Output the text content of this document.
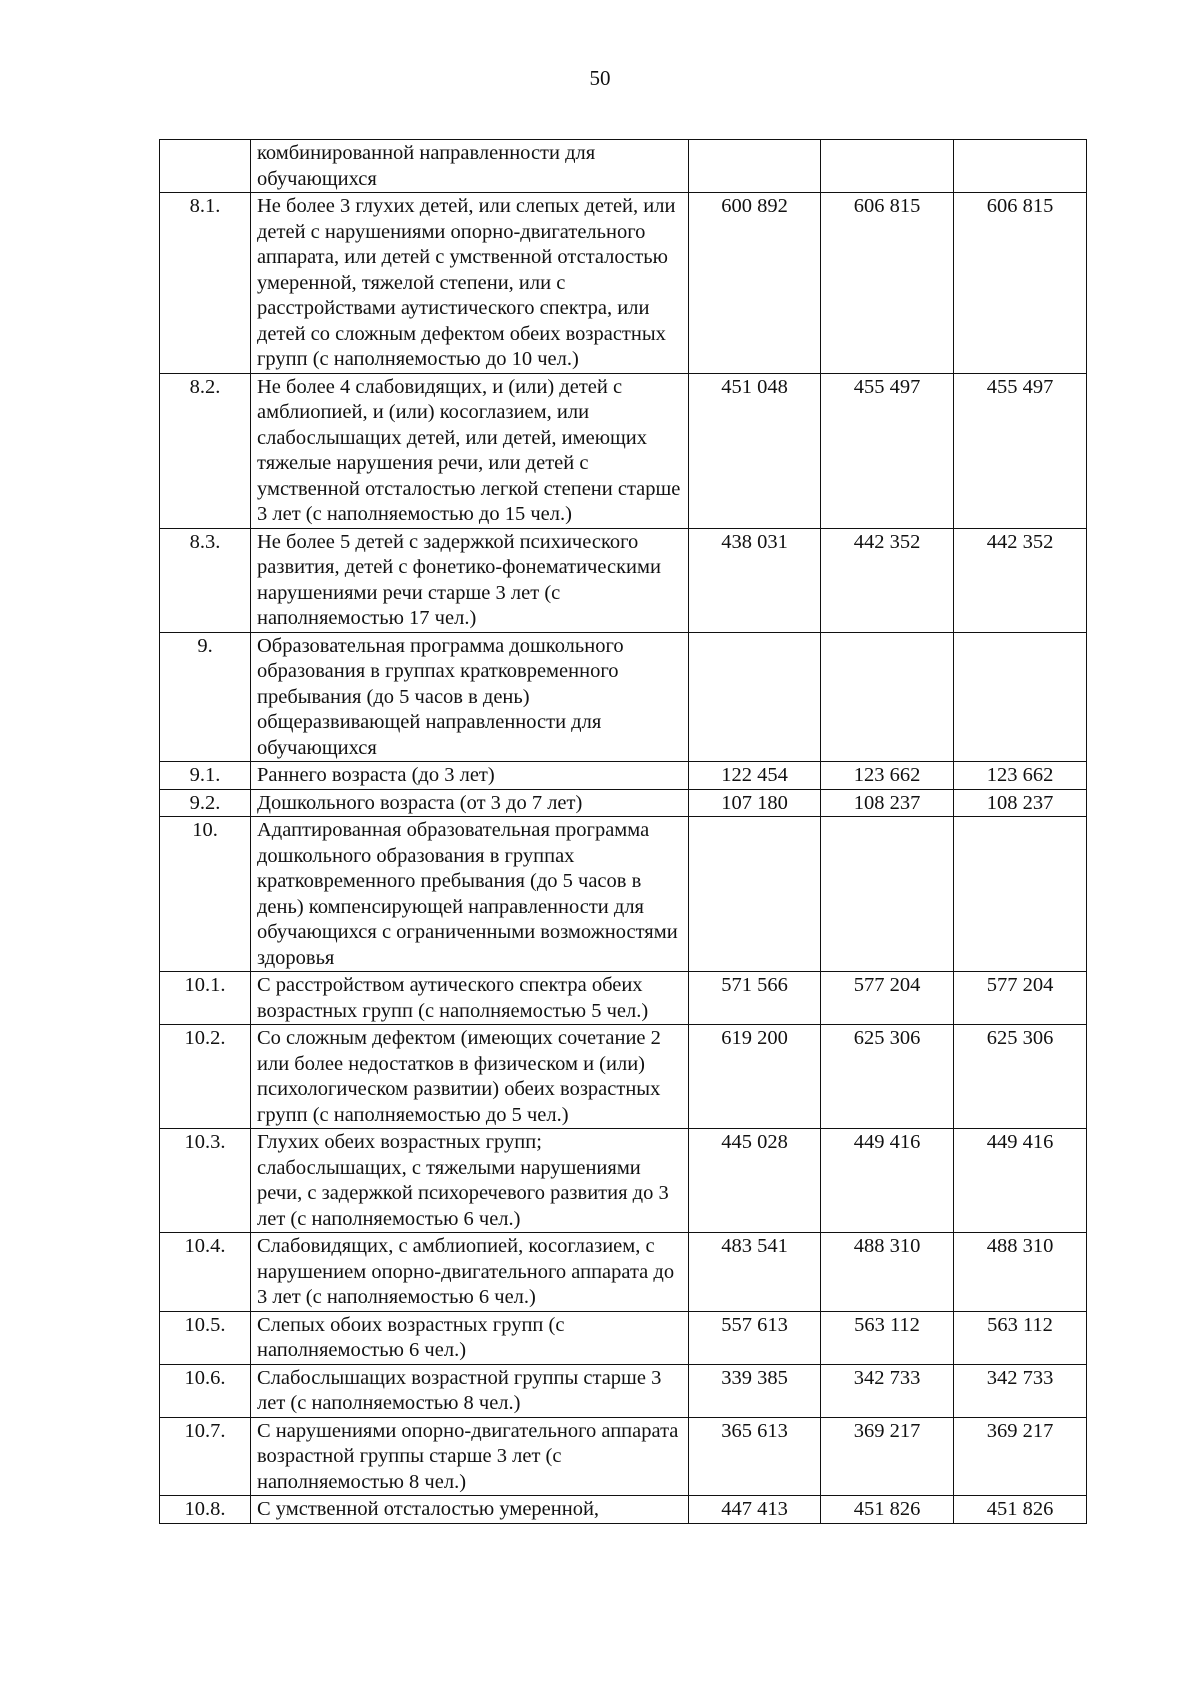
50
	комбинированной направленности для обучающихся			
8.1.	Не более 3 глухих детей, или слепых детей, или детей с нарушениями опорно-двигательного аппарата, или детей с умственной отсталостью умеренной, тяжелой степени, или с расстройствами аутистического спектра, или детей со сложным дефектом обеих возрастных групп (с наполняемостью до 10 чел.)	600 892	606 815	606 815
8.2.	Не более 4 слабовидящих, и (или) детей с амблиопией, и (или) косоглазием, или слабослышащих детей, или детей, имеющих тяжелые нарушения речи, или детей с умственной отсталостью легкой степени старше 3 лет (с наполняемостью до 15 чел.)	451 048	455 497	455 497
8.3.	Не более 5 детей с задержкой психического развития, детей с фонетико-фонематическими нарушениями речи старше 3 лет (с наполняемостью 17 чел.)	438 031	442 352	442 352
9.	Образовательная программа дошкольного образования в группах кратковременного пребывания (до 5 часов в день) общеразвивающей направленности для обучающихся			
9.1.	Раннего возраста (до 3 лет)	122 454	123 662	123 662
9.2.	Дошкольного возраста (от 3 до 7 лет)	107 180	108 237	108 237
10.	Адаптированная образовательная программа дошкольного образования в группах кратковременного пребывания (до 5 часов в день) компенсирующей направленности для обучающихся с ограниченными возможностями здоровья			
10.1.	С расстройством аутического спектра обеих возрастных групп (с наполняемостью 5 чел.)	571 566	577 204	577 204
10.2.	Со сложным дефектом (имеющих сочетание 2 или более недостатков в физическом и (или) психологическом развитии) обеих возрастных групп (с наполняемостью до 5 чел.)	619 200	625 306	625 306
10.3.	Глухих обеих возрастных групп; слабослышащих, с тяжелыми нарушениями речи, с задержкой психоречевого развития до 3 лет (с наполняемостью 6 чел.)	445 028	449 416	449 416
10.4.	Слабовидящих, с амблиопией, косоглазием, с нарушением опорно-двигательного аппарата до 3 лет (с наполняемостью 6 чел.)	483 541	488 310	488 310
10.5.	Слепых обоих возрастных групп (с наполняемостью 6 чел.)	557 613	563 112	563 112
10.6.	Слабослышащих возрастной группы старше 3 лет (с наполняемостью 8 чел.)	339 385	342 733	342 733
10.7.	С нарушениями опорно-двигательного аппарата возрастной группы старше 3 лет (с наполняемостью 8 чел.)	365 613	369 217	369 217
10.8.	С умственной отсталостью умеренной,	447 413	451 826	451 826
